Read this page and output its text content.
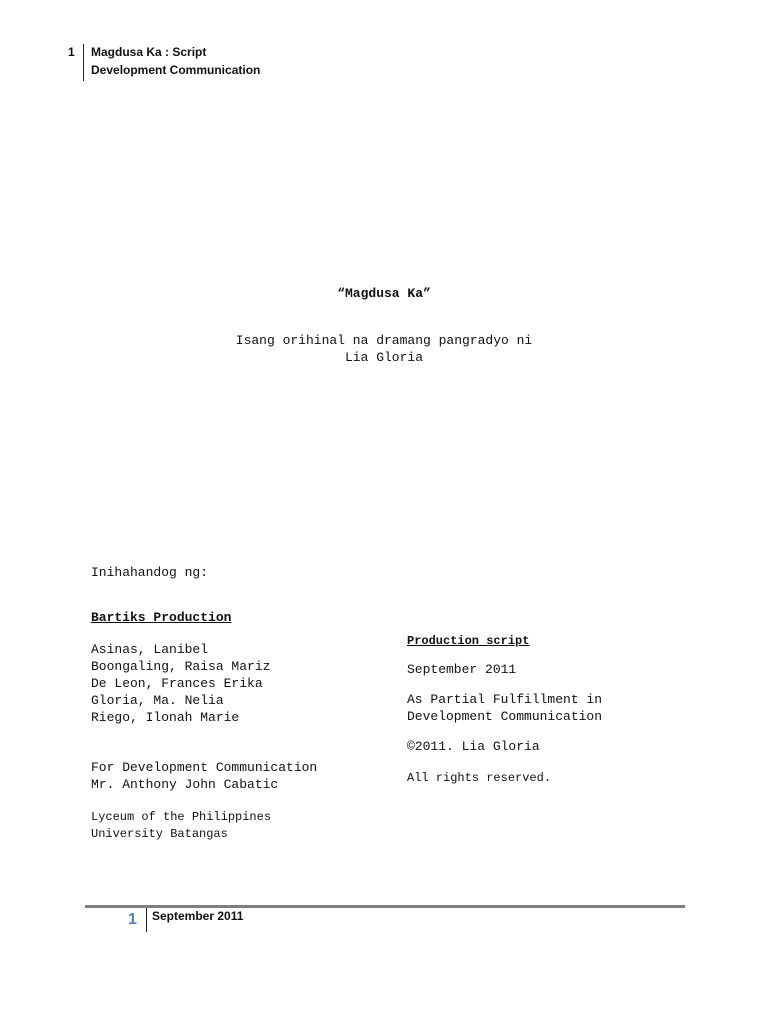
1 Magdusa Ka : Script
Development Communication
“Magdusa Ka”
Isang orihinal na dramang pangradyo ni
Lia Gloria
Inihahandog ng:
Bartiks Production
Asinas, Lanibel
Boongaling, Raisa Mariz
De Leon, Frances Erika
Gloria, Ma. Nelia
Riego, Ilonah Marie
For Development Communication
Mr. Anthony John Cabatic
Lyceum of the Philippines
University Batangas
Production script
September 2011
As Partial Fulfillment in
Development Communication
©2011. Lia Gloria
All rights reserved.
1 September 2011
